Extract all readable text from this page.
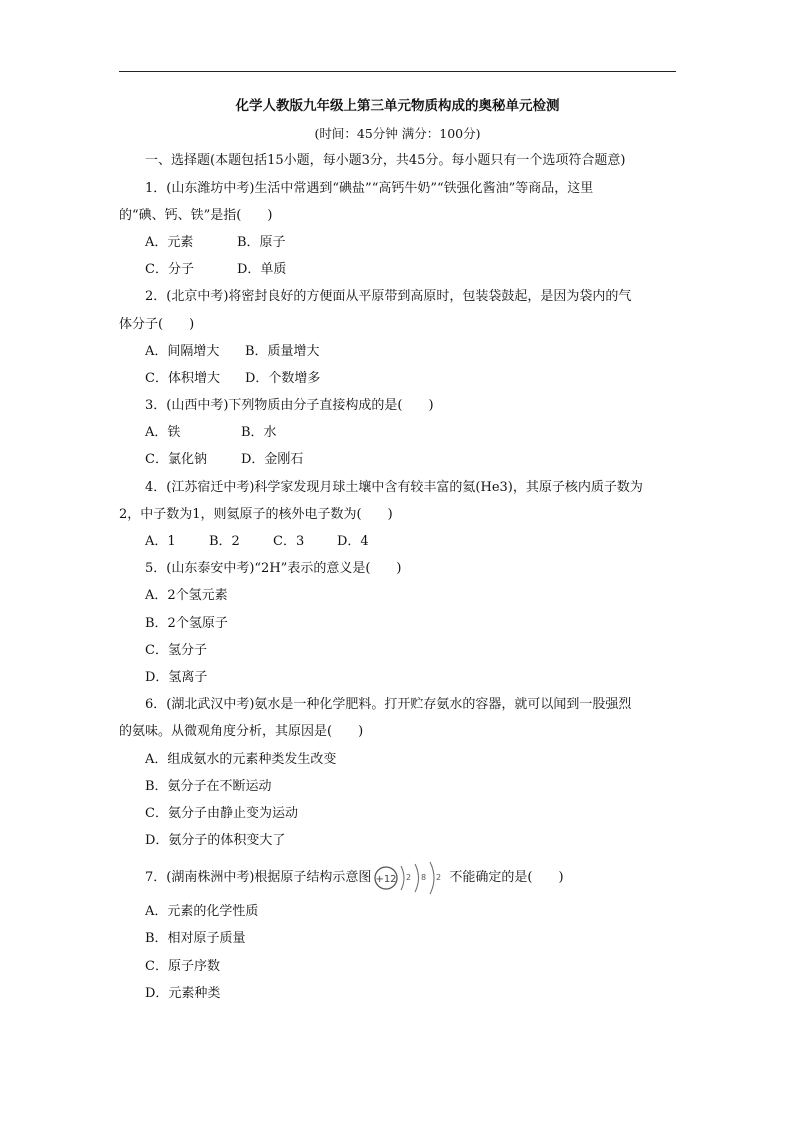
化学人教版九年级上第三单元物质构成的奥秘单元检测
(时间：45分钟 满分：100分)
一、选择题(本题包括15小题，每小题3分，共45分。每小题只有一个选项符合题意)
1．(山东潍坊中考)生活中常遇到“碘盐”“高钙牛奶”“铁强化酱油”等商品，这里
的“碘、钙、铁”是指(　　)
A．元素	B．原子
C．分子	D．单质
2．(北京中考)将密封良好的方便面从平原带到高原时，包装袋鼓起，是因为袋内的气
体分子(　　)
A．间隔增大 B．质量增大
C．体积增大 D．个数增多
3．(山西中考)下列物质由分子直接构成的是(　　)
A．铁	B．水
C．氯化钠	D．金刚石
4．(江苏宿迁中考)科学家发现月球土壤中含有较丰富的氦(He3)，其原子核内质子数为
2，中子数为1，则氦原子的核外电子数为(　　)
A．1	B．2	C．3	D．4
5．(山东泰安中考)“2H”表示的意义是(　　)
A．2个氢元素
B．2个氢原子
C．氢分子
D．氢离子
6．(湖北武汉中考)氨水是一种化学肥料。打开贮存氨水的容器，就可以闻到一股强烈
的氨味。从微观角度分析，其原因是(　　)
A．组成氨水的元素种类发生改变
B．氨分子在不断运动
C．氨分子由静止变为运动
D．氨分子的体积变大了
7．(湖南株洲中考)根据原子结构示意图 +12 2 8 2 不能确定的是(　　)
A．元素的化学性质
B．相对原子质量
C．原子序数
D．元素种类
